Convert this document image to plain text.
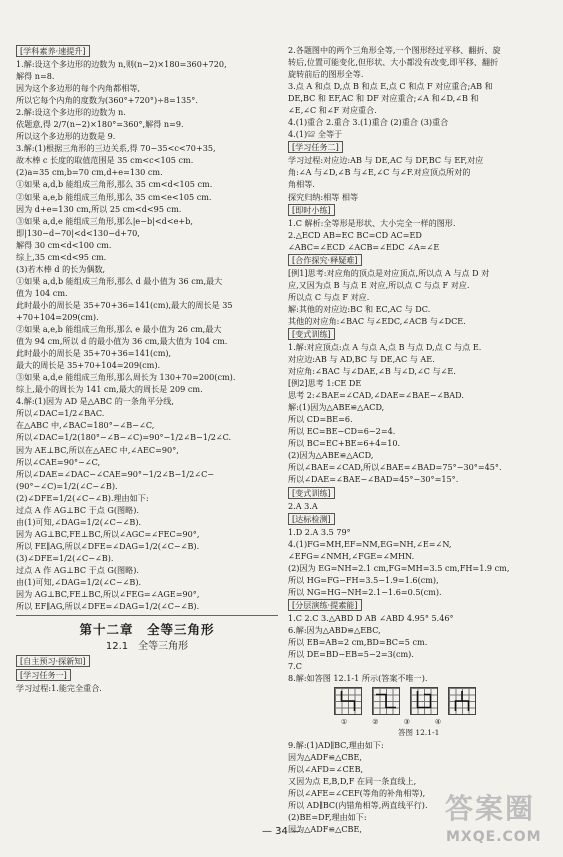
[学科素养·速提升]
1.解:设这个多边形的边数为 n,则(n−2)×180=360+720,
解得 n=8.
因为这个多边形的每个内角都相等,
所以它每个内角的度数为(360°+720°)÷8=135°.
2.解:设这个多边形的边数为 n.
依题意,得 2/7(n−2)×180°=360°,解得 n=9.
所以这个多边形的边数是 9.
3.解:(1)根据三角形的三边关系,得 70−35<c<70+35,
故木棒 c 长度的取值范围是 35 cm<c<105 cm.
(2)a=35 cm,b=70 cm,d+e=130 cm.
①如果 a,d,b 能组成三角形,那么 35 cm<d<105 cm.
②如果 a,e,b 能组成三角形,那么 35 cm<e<105 cm.
因为 d+e=130 cm,所以 25 cm<d<95 cm.
③如果 a,d,e 能组成三角形,那么|e−b|<d<e+b,
即|130−d−70|<d<130−d+70,
解得 30 cm<d<100 cm.
综上,35 cm<d<95 cm.
(3)若木棒 d 的长为偶数,
①如果 a,d,b 能组成三角形,那么 d 最小值为 36 cm,最大
值为 104 cm.
此时最小的周长是 35+70+36=141(cm),最大的周长是 35
+70+104=209(cm).
②如果 a,e,b 能组成三角形,那么 e 最小值为 26 cm,最大
值为 94 cm,所以 d 的最小值为 36 cm,最大值为 104 cm.
此时最小的周长是 35+70+36=141(cm),
最大的周长是 35+70+104=209(cm).
③如果 a,d,e 能组成三角形,那么周长为 130+70=200(cm).
综上,最小的周长为 141 cm,最大的周长是 209 cm.
4.解:(1)因为 AD 是△ABC 的一条角平分线,
所以∠DAC=1/2∠BAC.
在△ABC 中,∠BAC=180°−∠B−∠C,
所以∠DAC=1/2(180°−∠B−∠C)=90°−1/2∠B−1/2∠C.
因为 AE⊥BC,所以在△AEC 中,∠AEC=90°,
所以∠CAE=90°−∠C,
所以∠DAE=∠DAC−∠CAE=90°−1/2∠B−1/2∠C−
(90°−∠C)=1/2(∠C−∠B).
(2)∠DFE=1/2(∠C−∠B).理由如下:
过点 A 作 AG⊥BC 于点 G(图略).
由(1)可知,∠DAG=1/2(∠C−∠B).
因为 AG⊥BC,FE⊥BC,所以∠AGC=∠FEC=90°,
所以 FE∥AG,所以∠DFE=∠DAG=1/2(∠C−∠B).
(3)∠DFE=1/2(∠C−∠B).
过点 A 作 AG⊥BC 于点 G(图略).
由(1)可知,∠DAG=1/2(∠C−∠B).
因为 AG⊥BC,FE⊥BC,所以∠FEG=∠AGE=90°,
所以 EF∥AG,所以∠DFE=∠DAG=1/2(∠C−∠B).
第十二章　全等三角形
12.1　全等三角形
[自主预习·探新知]
[学习任务一]
学习过程:1.能完全重合.
2.各题图中的两个三角形全等,一个图形经过平移、翻折、旋
转后,位置可能变化,但形状、大小都没有改变,即平移、翻折
旋转前后的图形全等.
3.点 A 和点 D,点 B 和点 E,点 C 和点 F 对应重合;AB 和
DE,BC 和 EF,AC 和 DF 对应重合;∠A 和∠D,∠B 和
∠E,∠C 和∠F 对应重合.
4.(1)重合 2.重合 3.(1)重合 (2)重合 (3)重合
4.(1)≌ 全等于
[学习任务二]
学习过程:对应边:AB 与 DE,AC 与 DF,BC 与 EF,对应
角:∠A 与∠D,∠B 与∠E,∠C 与∠F.对应顶点所对的
角相等.
探究归纳:相等 相等
[即时小练]
1.C 解析:全等形是形状、大小完全一样的图形.
2.△ECD AB=EC BC=CD AC=ED
∠ABC=∠ECD ∠ACB=∠EDC ∠A=∠E
[合作探究·释疑难]
[例1]思考:对应角的顶点是对应顶点,所以点 A 与点 D 对
应,又因为点 B 与点 E 对应,所以点 C 与点 F 对应.
所以点 C 与点 F 对应.
解:其他的对应边:BC 和 EC,AC 与 DC.
其他的对应角:∠BAC 与∠EDC,∠ACB 与∠DCE.
[变式训练]
1.解:对应顶点:点 A 与点 A,点 B 与点 D,点 C 与点 E.
对应边:AB 与 AD,BC 与 DE,AC 与 AE.
对应角:∠BAC 与∠DAE,∠B 与∠D,∠C 与∠E.
[例2]思考 1:CE DE
思考 2:∠BAE=∠CAD,∠DAE=∠BAE−∠BAD.
解:(1)因为△ABE≌△ACD,
所以 CD=BE=6.
所以 EC=BE−CD=6−2=4.
所以 BC=EC+BE=6+4=10.
(2)因为△ABE≌△ACD,
所以∠BAE=∠CAD,所以∠BAE=∠BAD=75°−30°=45°.
所以∠DAE=∠BAE−∠BAD=45°−30°=15°.
[变式训练]
2.A 3.A
[达标检测]
1.D 2.A 3.5 79°
4.(1)FG=MH,EF=NM,EG=NH,∠E=∠N,
∠EFG=∠NMH,∠FGE=∠MHN.
(2)因为 EG=NH=2.1 cm,FG=MH=3.5 cm,FH=1.9 cm,
所以 HG=FG−FH=3.5−1.9=1.6(cm),
所以 NG=HG−NH=2.1−1.6=0.5(cm).
[分层演练·提素能]
1.C 2.C 3.△ABD D AB ∠ABD 4.95° 5.46°
6.解:因为△ABD≌△EBC,
所以 EB=AB=2 cm,BD=BC=5 cm.
所以 DE=BD−EB=5−2=3(cm).
7.C
8.解:如答图 12.1-1 所示(答案不唯一).
①	②	③	④
答图 12.1-1
9.解:(1)AD∥BC,理由如下:
因为△ADF≌△CBE,
所以∠AFD=∠CEB,
又因为点 E,B,D,F 在同一条直线上,
所以∠AFE=∠CEF(等角的补角相等),
所以 AD∥BC(内错角相等,两直线平行).
(2)BE=DF,理由如下:
因为△ADF≌△CBE,
— 34 —
答案圈
MXQE.COM
